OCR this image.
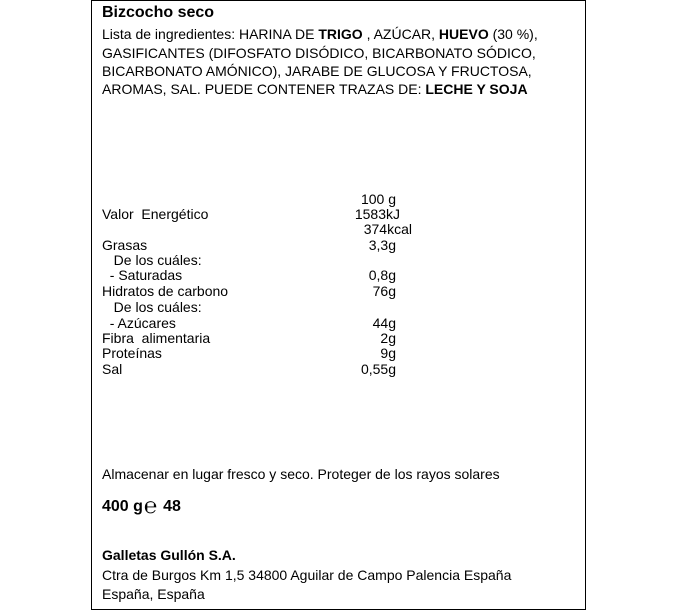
Bizcocho seco
Lista de ingredientes: HARINA DE TRIGO , AZÚCAR, HUEVO (30 %),
GASIFICANTES (DIFOSFATO DISÓDICO, BICARBONATO SÓDICO,
BICARBONATO AMÓNICO), JARABE DE GLUCOSA Y FRUCTOSA,
AROMAS, SAL. PUEDE CONTENER TRAZAS DE: LECHE Y SOJA
100 g
Valor  Energético	1583kJ
374kcal
Grasas	3,3g
De los cuáles:
- Saturadas	0,8g
Hidratos de carbono	76g
De los cuáles:
- Azúcares	44g
Fibra  alimentaria	2g
Proteínas	9g
Sal	0,55g
Almacenar en lugar fresco y seco. Proteger de los rayos solares
400 g℮ 48
Galletas Gullón S.A.
Ctra de Burgos Km 1,5 34800 Aguilar de Campo Palencia España
España, España
